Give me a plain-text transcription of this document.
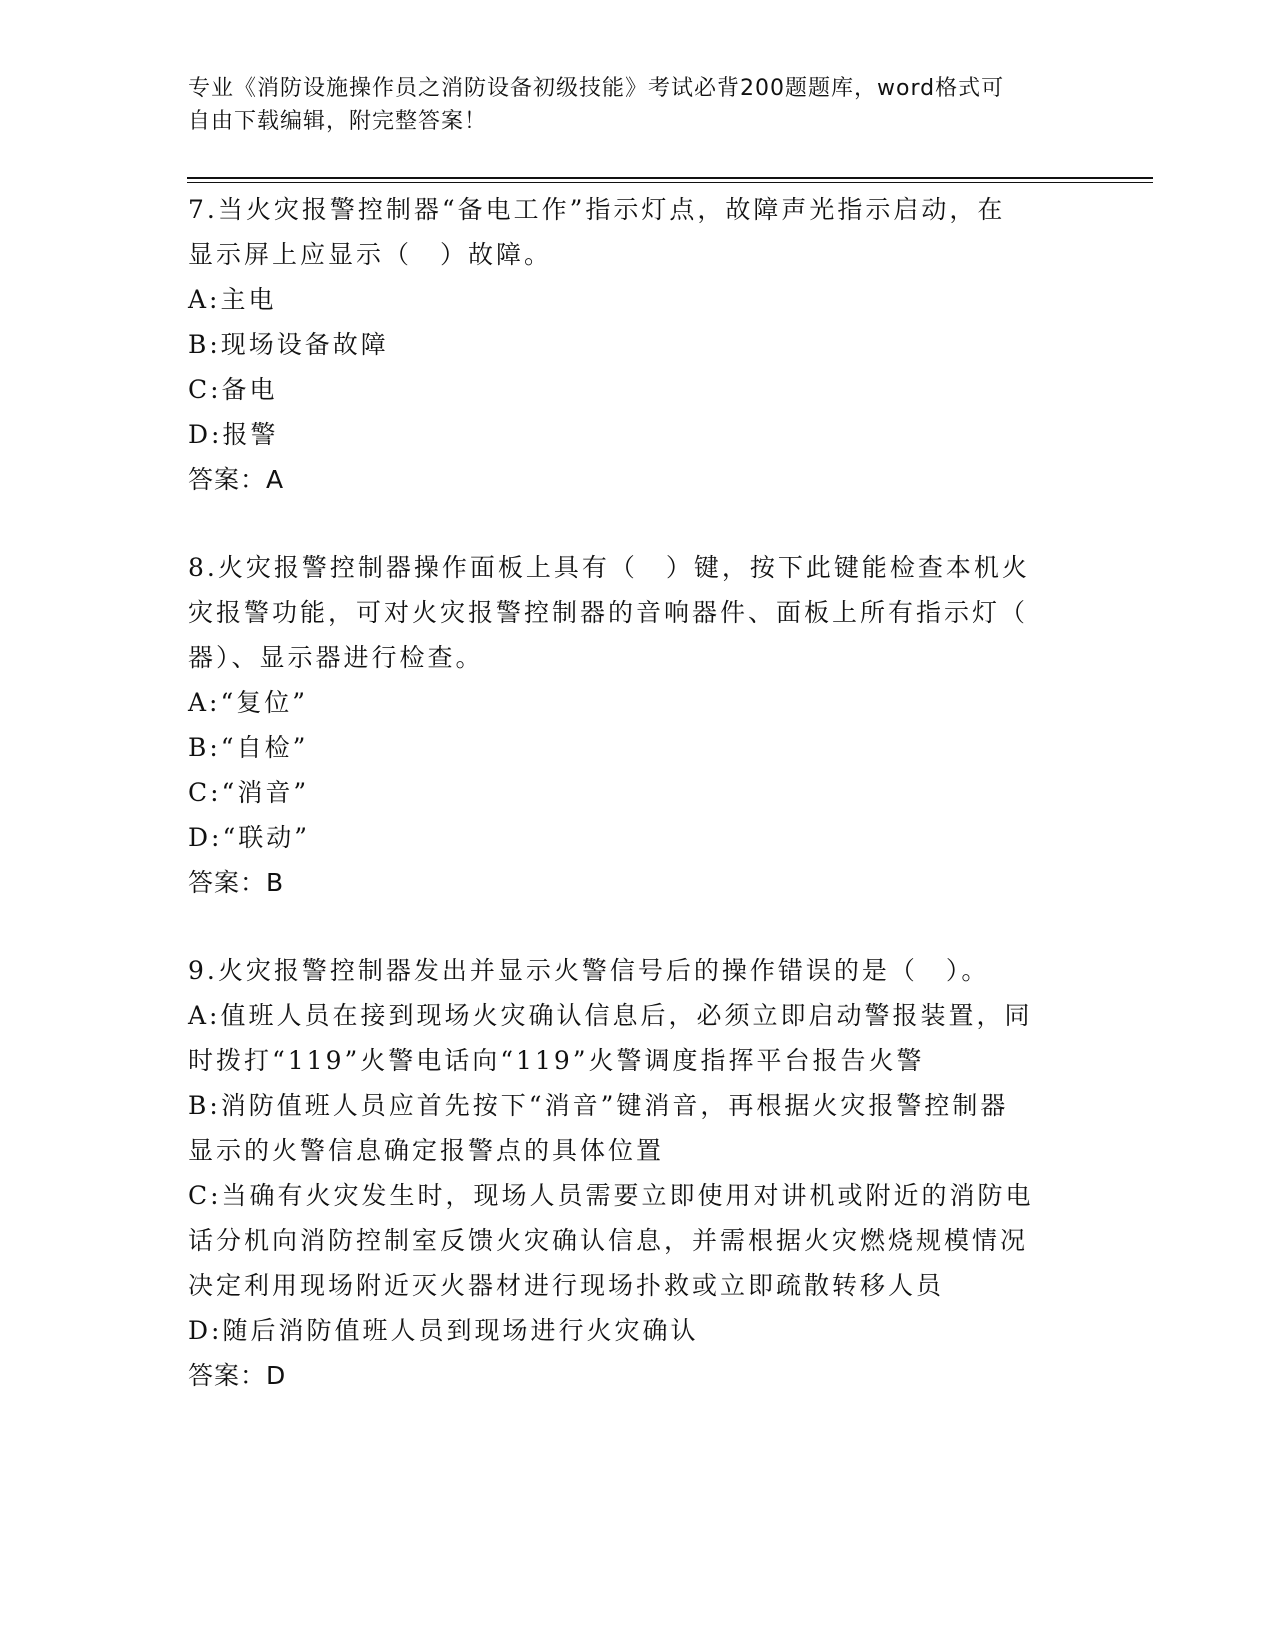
专业《消防设施操作员之消防设备初级技能》考试必背200题题库，word格式可
自由下载编辑，附完整答案！
7.当火灾报警控制器“备电工作”指示灯点，故障声光指示启动，在
显示屏上应显示（　）故障。
A:主电
B:现场设备故障
C:备电
D:报警
答案：A
8.火灾报警控制器操作面板上具有（　）键，按下此键能检查本机火
灾报警功能，可对火灾报警控制器的音响器件、面板上所有指示灯（
器）、显示器进行检查。
A:“复位”
B:“自检”
C:“消音”
D:“联动”
答案：B
9.火灾报警控制器发出并显示火警信号后的操作错误的是（　）。
A:值班人员在接到现场火灾确认信息后，必须立即启动警报装置，同
时拨打“119”火警电话向“119”火警调度指挥平台报告火警
B:消防值班人员应首先按下“消音”键消音，再根据火灾报警控制器
显示的火警信息确定报警点的具体位置
C:当确有火灾发生时，现场人员需要立即使用对讲机或附近的消防电
话分机向消防控制室反馈火灾确认信息，并需根据火灾燃烧规模情况
决定利用现场附近灭火器材进行现场扑救或立即疏散转移人员
D:随后消防值班人员到现场进行火灾确认
答案：D
